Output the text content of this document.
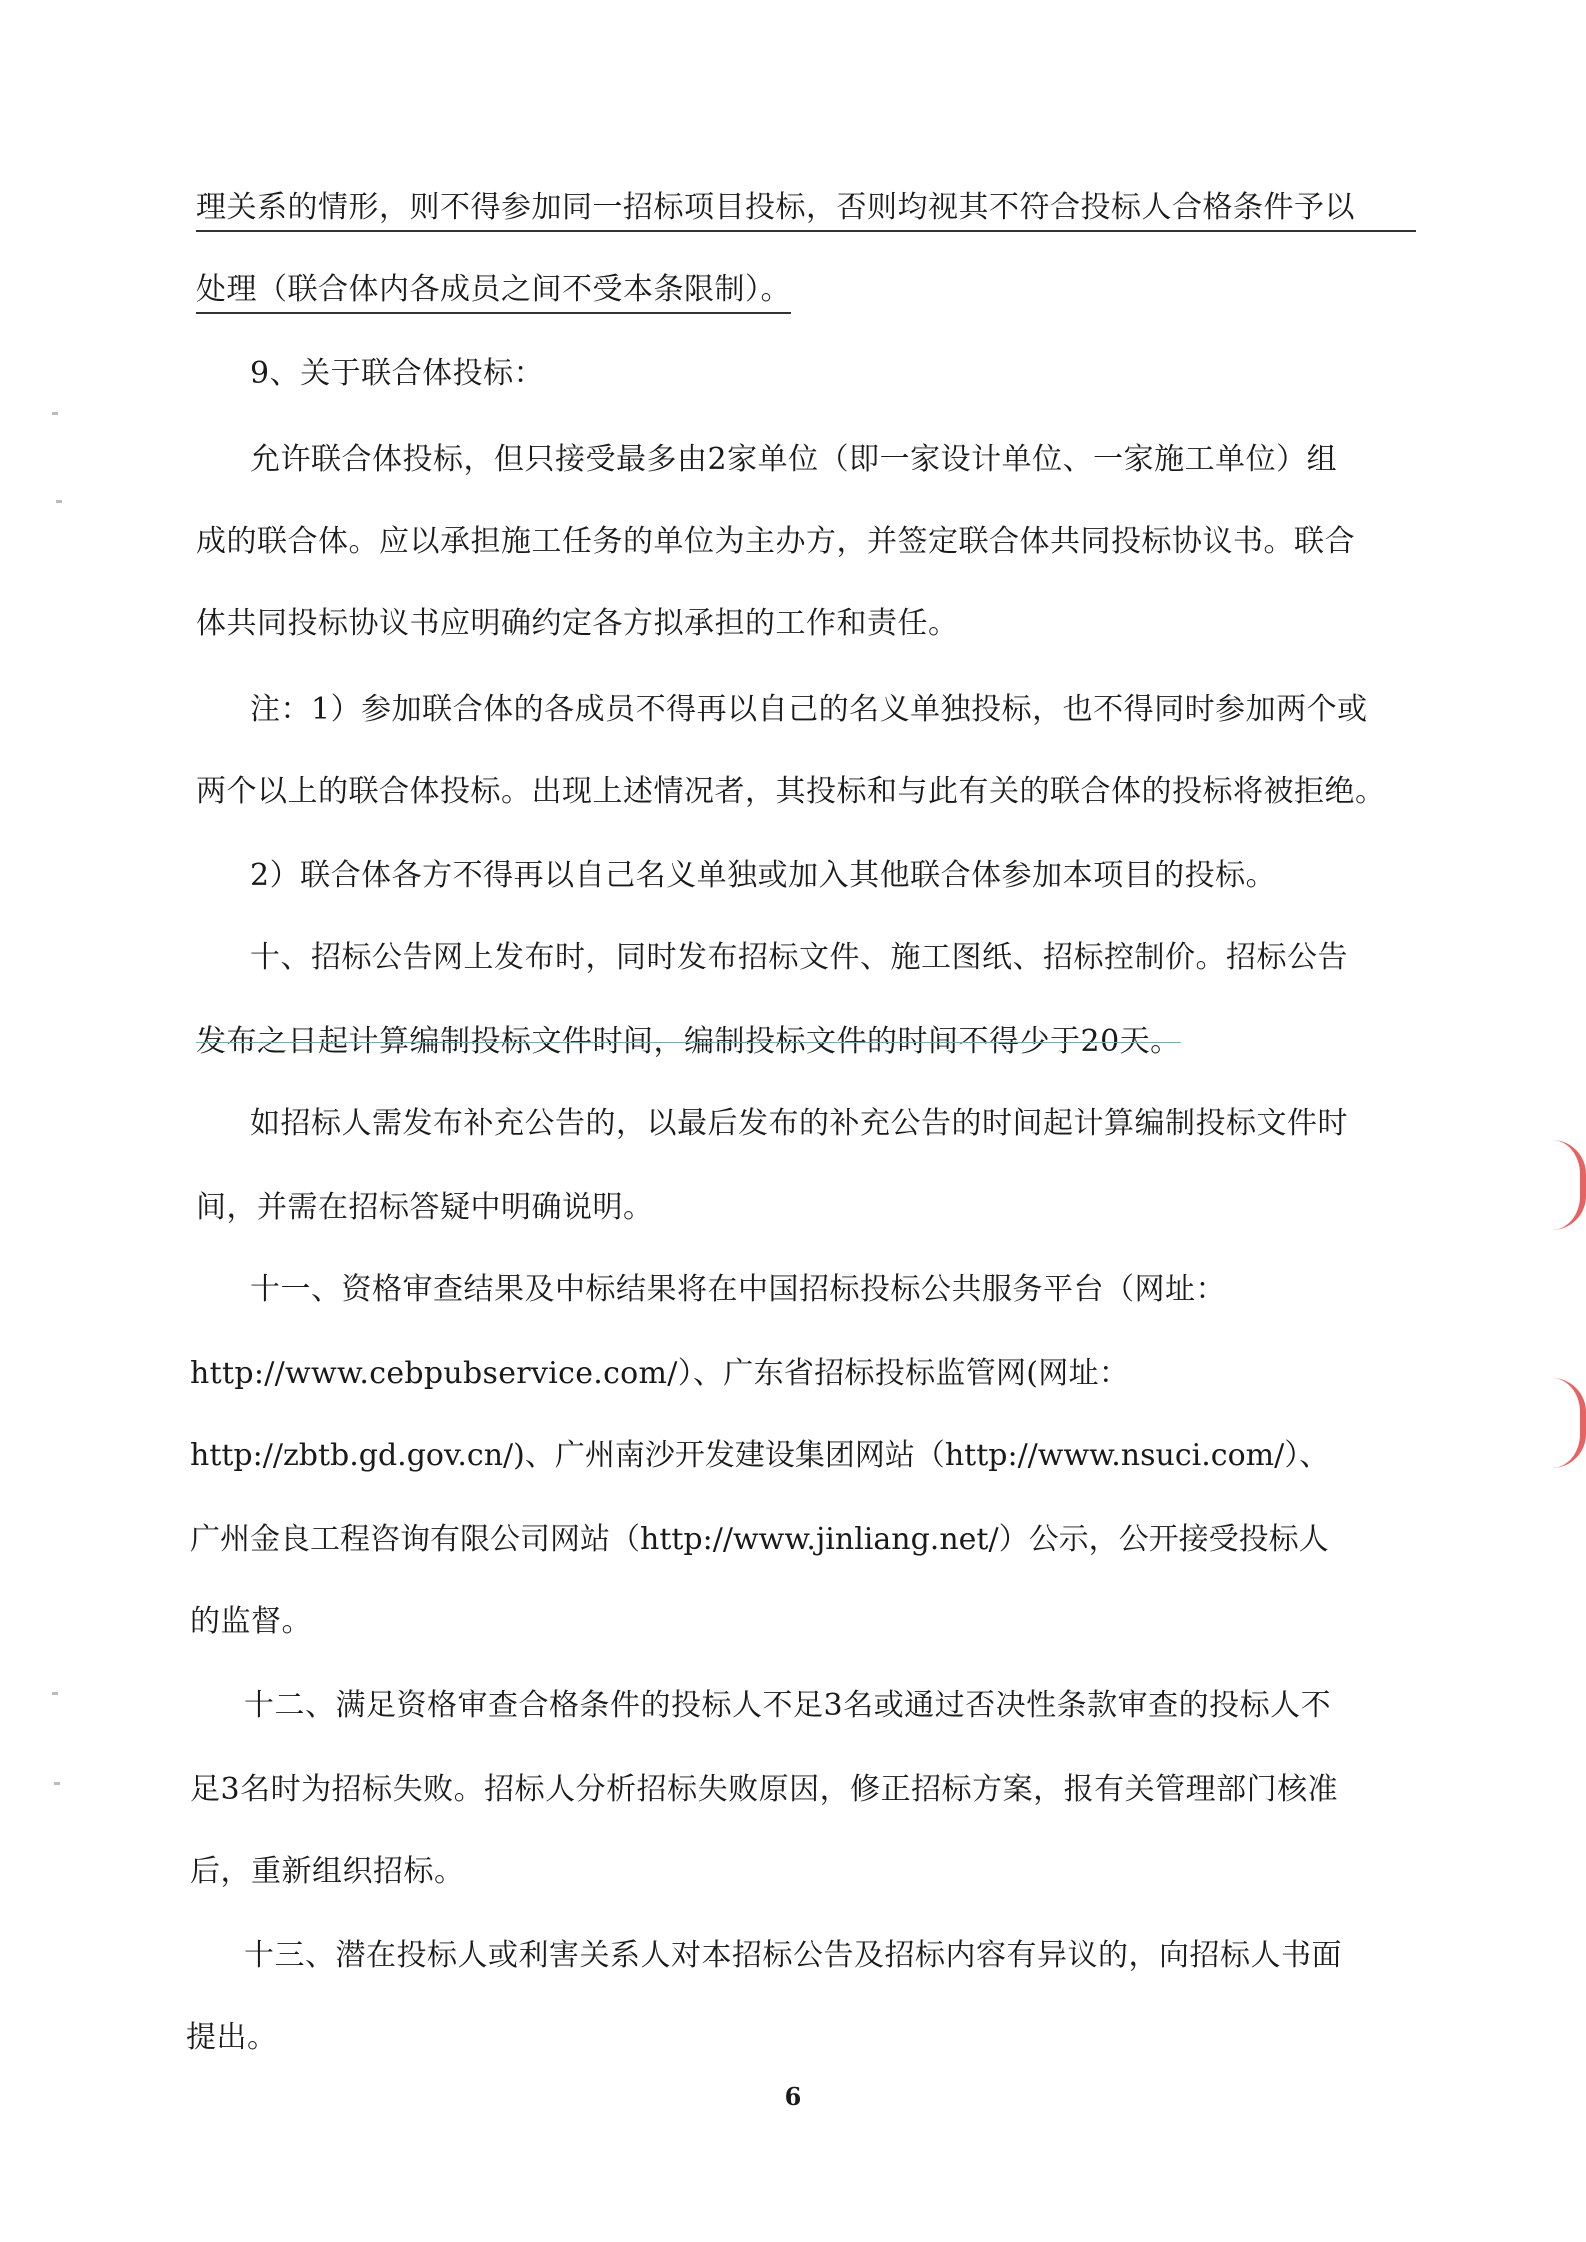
理关系的情形，则不得参加同一招标项目投标，否则均视其不符合投标人合格条件予以
处理（联合体内各成员之间不受本条限制）。
9、关于联合体投标：
允许联合体投标，但只接受最多由2家单位（即一家设计单位、一家施工单位）组
成的联合体。应以承担施工任务的单位为主办方，并签定联合体共同投标协议书。联合
体共同投标协议书应明确约定各方拟承担的工作和责任。
注：1）参加联合体的各成员不得再以自己的名义单独投标，也不得同时参加两个或
两个以上的联合体投标。出现上述情况者，其投标和与此有关的联合体的投标将被拒绝。
2）联合体各方不得再以自己名义单独或加入其他联合体参加本项目的投标。
十、招标公告网上发布时，同时发布招标文件、施工图纸、招标控制价。招标公告
发布之日起计算编制投标文件时间，编制投标文件的时间不得少于20天。
如招标人需发布补充公告的，以最后发布的补充公告的时间起计算编制投标文件时
间，并需在招标答疑中明确说明。
十一、资格审查结果及中标结果将在中国招标投标公共服务平台（网址：
http://www.cebpubservice.com/）、广东省招标投标监管网(网址：
http://zbtb.gd.gov.cn/)、广州南沙开发建设集团网站（http://www.nsuci.com/）、
广州金良工程咨询有限公司网站（http://www.jinliang.net/）公示，公开接受投标人
的监督。
十二、满足资格审查合格条件的投标人不足3名或通过否决性条款审查的投标人不
足3名时为招标失败。招标人分析招标失败原因，修正招标方案，报有关管理部门核准
后，重新组织招标。
十三、潜在投标人或利害关系人对本招标公告及招标内容有异议的，向招标人书面
提出。
6
